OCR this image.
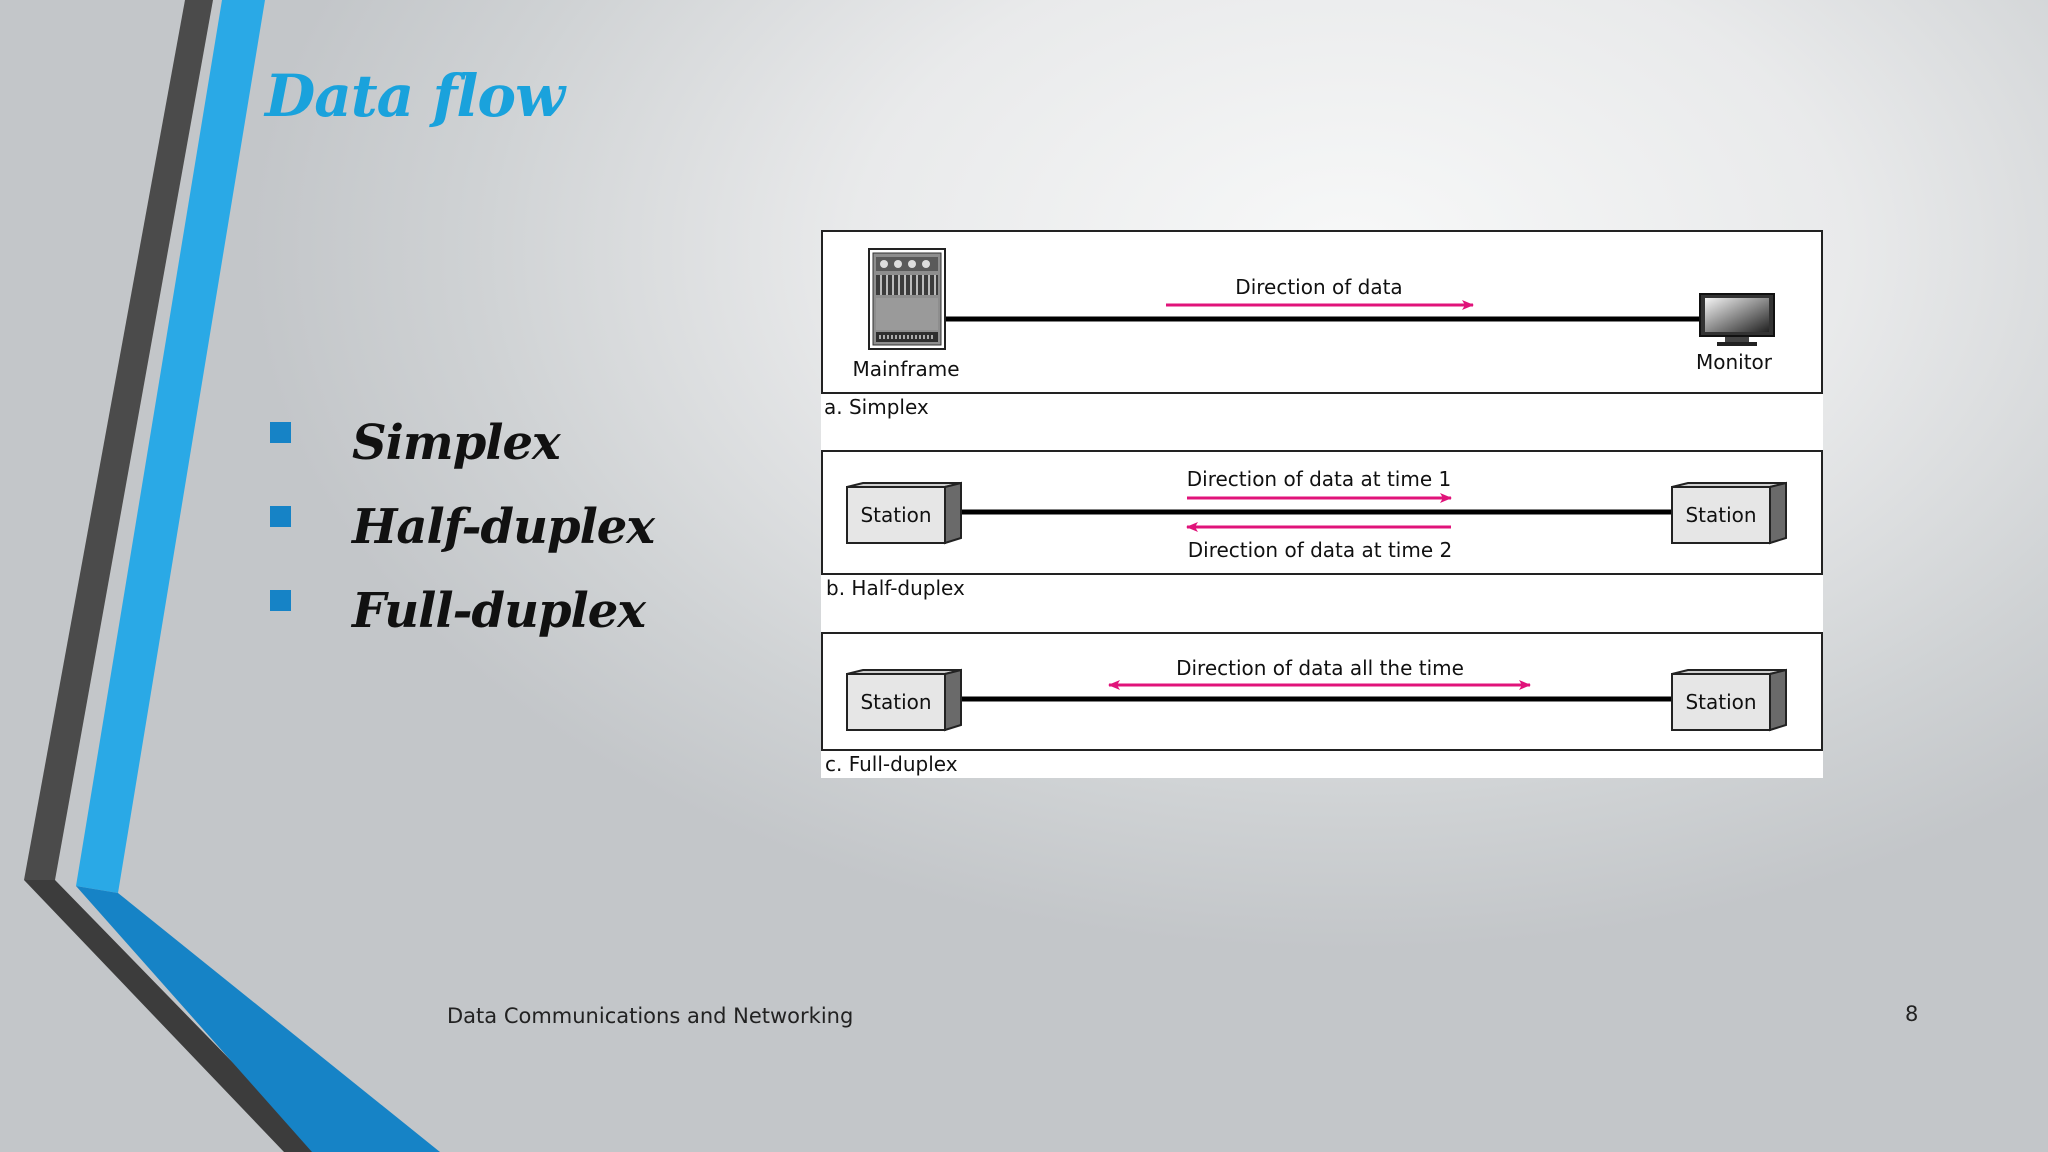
Data flow
Simplex
Half-duplex
Full-duplex
Direction of data
Mainframe	Monitor
a. Simplex
Direction of data at time 1
Direction of data at time 2
Station	Station
b. Half-duplex
Direction of data all the time
Station	Station
c. Full-duplex
Data Communications and Networking	8
